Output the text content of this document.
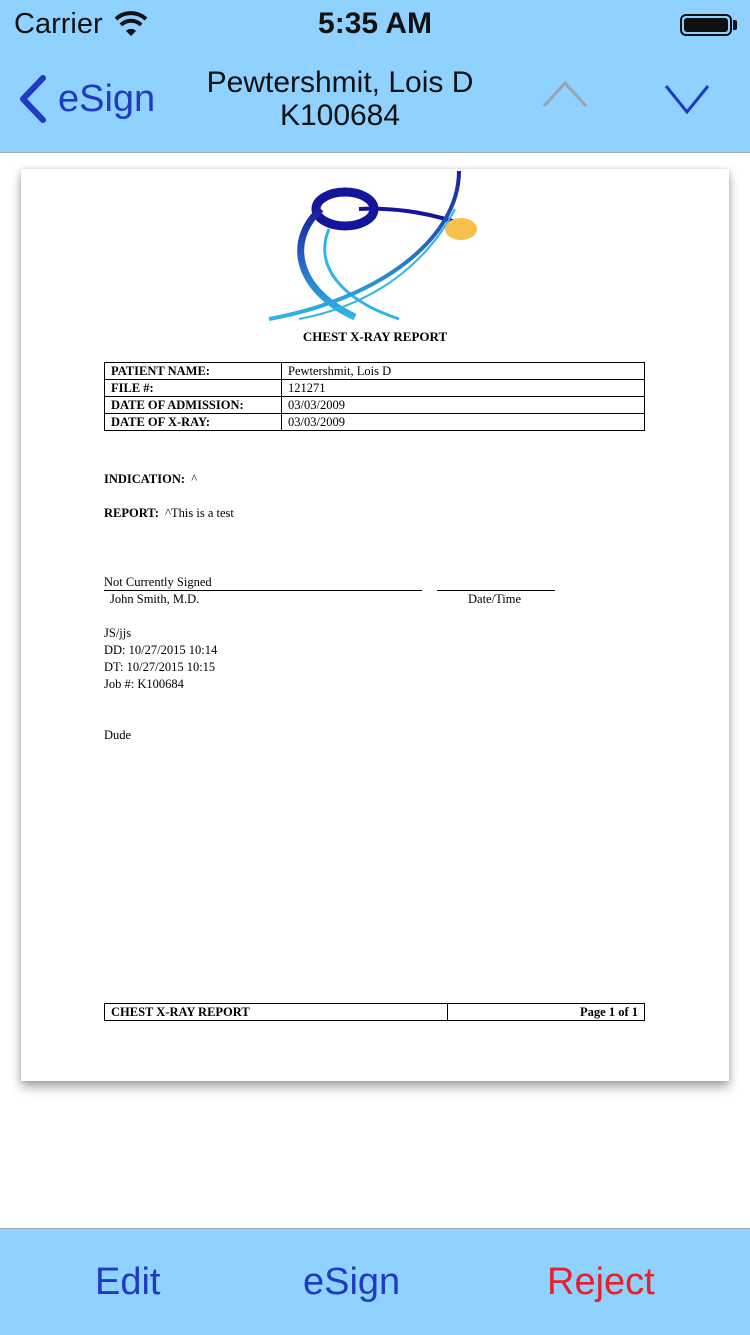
Carrier	5:35 AM
eSign	Pewtershmit, Lois D
K100684
CHEST X-RAY REPORT
PATIENT NAME:	Pewtershmit, Lois D
FILE #:	121271
DATE OF ADMISSION:	03/03/2009
DATE OF X-RAY:	03/03/2009
INDICATION: ^
REPORT: ^This is a test
Not Currently Signed
John Smith, M.D.	Date/Time
JS/jjs
DD: 10/27/2015 10:14
DT: 10/27/2015 10:15
Job #: K100684
Dude
CHEST X-RAY REPORT	Page 1 of 1
Edit	eSign	Reject
